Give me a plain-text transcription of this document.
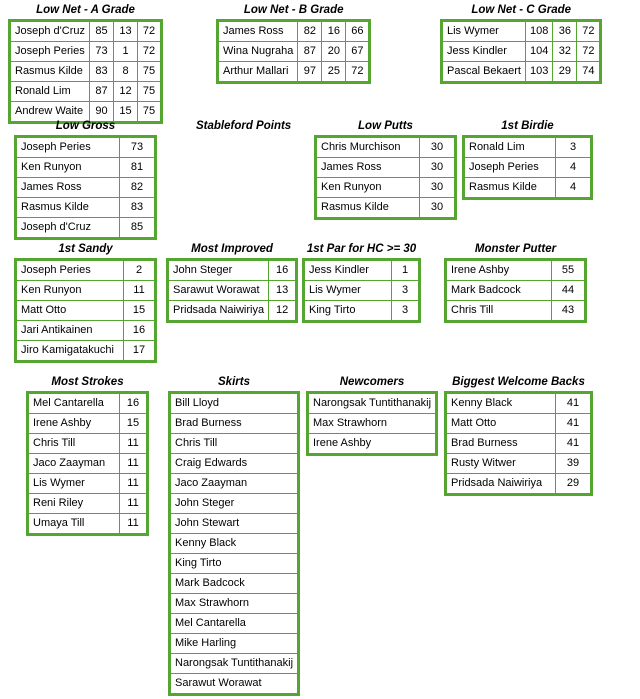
Low Net - A Grade
Joseph d'Cruz	85	13	72
Joseph Peries	73	1	72
Rasmus Kilde	83	8	75
Ronald Lim	87	12	75
Andrew Waite	90	15	75
Low Net - B Grade
James Ross	82	16	66
Wina Nugraha	87	20	67
Arthur Mallari	97	25	72
Low Net - C Grade
Lis Wymer	108	36	72
Jess Kindler	104	32	72
Pascal Bekaert	103	29	74
Low Gross
Joseph Peries	73
Ken Runyon	81
James Ross	82
Rasmus Kilde	83
Joseph d'Cruz	85
Stableford Points	Low Putts
Chris Murchison	30
James Ross	30
Ken Runyon	30
Rasmus Kilde	30
1st Birdie
Ronald Lim	3
Joseph Peries	4
Rasmus Kilde	4
1st Sandy
Joseph Peries	2
Ken Runyon	11
Matt Otto	15
Jari Antikainen	16
Jiro Kamigatakuchi	17
Most Improved
John Steger	16
Sarawut Worawat	13
Pridsada Naiwiriya	12
1st Par for HC >= 30
Jess Kindler	1
Lis Wymer	3
King Tirto	3
Monster Putter
Irene Ashby	55
Mark Badcock	44
Chris Till	43
Most Strokes
Mel Cantarella	16
Irene Ashby	15
Chris Till	11
Jaco Zaayman	11
Lis Wymer	11
Reni Riley	11
Umaya Till	11
Skirts
Bill Lloyd
Brad Burness
Chris Till
Craig Edwards
Jaco Zaayman
John Steger
John Stewart
Kenny Black
King Tirto
Mark Badcock
Max Strawhorn
Mel Cantarella
Mike Harling
Narongsak Tuntithanakij
Sarawut Worawat
Newcomers
Narongsak Tuntithanakij
Max Strawhorn
Irene Ashby
Biggest Welcome Backs
Kenny Black	41
Matt Otto	41
Brad Burness	41
Rusty Witwer	39
Pridsada Naiwiriya	29
